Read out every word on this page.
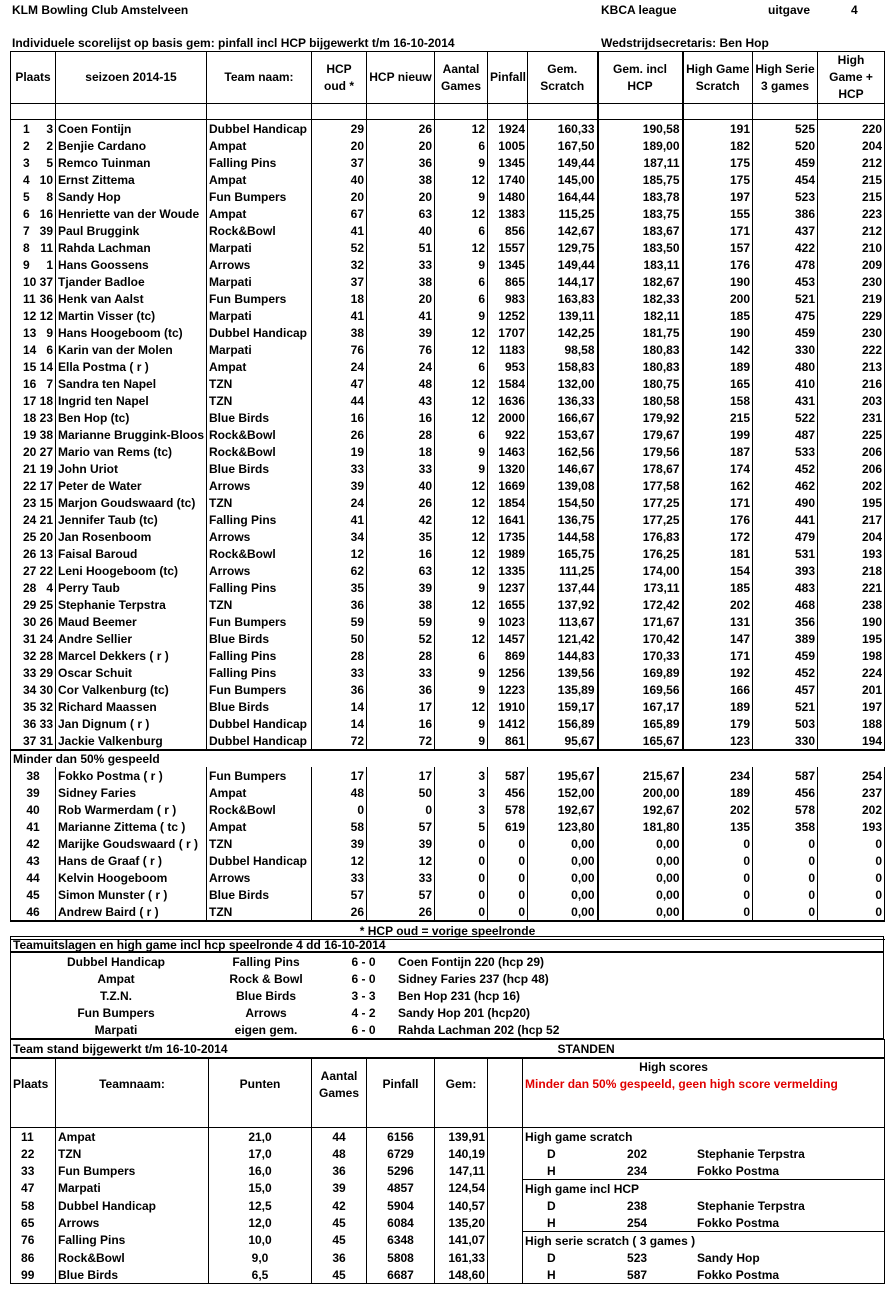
KLM Bowling Club Amstelveen	KBCA league	uitgave	4
Individuele scorelijst op basis gem: pinfall incl HCP bijgewerkt t/m 16-10-2014	Wedstrijdsecretaris: Ben Hop
Plaats	seizoen 2014-15	Team naam:	HCP oud *	HCP nieuw	Aantal Games	Pinfall	Gem. Scratch	Gem. incl HCP	High Game Scratch	High Serie 3 games	High Game + HCP

1 3	Coen Fontijn	Dubbel Handicap	29	26	12	1924	160,33	190,58	191	525	220

2 2	Benjie Cardano	Ampat	20	20	6	1005	167,50	189,00	182	520	204

3 5	Remco Tuinman	Falling Pins	37	36	9	1345	149,44	187,11	175	459	212

4 10	Ernst Zittema	Ampat	40	38	12	1740	145,00	185,75	175	454	215

5 8	Sandy Hop	Fun Bumpers	20	20	9	1480	164,44	183,78	197	523	215

6 16	Henriette van der Woude	Ampat	67	63	12	1383	115,25	183,75	155	386	223

7 39	Paul Bruggink	Rock&Bowl	41	40	6	856	142,67	183,67	171	437	212

8 11	Rahda Lachman	Marpati	52	51	12	1557	129,75	183,50	157	422	210

9 1	Hans Goossens	Arrows	32	33	9	1345	149,44	183,11	176	478	209

10 37	Tjander Badloe	Marpati	37	38	6	865	144,17	182,67	190	453	230

11 36	Henk van Aalst	Fun Bumpers	18	20	6	983	163,83	182,33	200	521	219

12 12	Martin Visser (tc)	Marpati	41	41	9	1252	139,11	182,11	185	475	229

13 9	Hans Hoogeboom (tc)	Dubbel Handicap	38	39	12	1707	142,25	181,75	190	459	230

14 6	Karin van der Molen	Marpati	76	76	12	1183	98,58	180,83	142	330	222

15 14	Ella Postma ( r )	Ampat	24	24	6	953	158,83	180,83	189	480	213

16 7	Sandra ten Napel	TZN	47	48	12	1584	132,00	180,75	165	410	216

17 18	Ingrid ten Napel	TZN	44	43	12	1636	136,33	180,58	158	431	203

18 23	Ben Hop (tc)	Blue Birds	16	16	12	2000	166,67	179,92	215	522	231

19 38	Marianne Bruggink-Bloos	Rock&Bowl	26	28	6	922	153,67	179,67	199	487	225

20 27	Mario van Rems (tc)	Rock&Bowl	19	18	9	1463	162,56	179,56	187	533	206

21 19	John Uriot	Blue Birds	33	33	9	1320	146,67	178,67	174	452	206

22 17	Peter de Water	Arrows	39	40	12	1669	139,08	177,58	162	462	202

23 15	Marjon Goudswaard (tc)	TZN	24	26	12	1854	154,50	177,25	171	490	195

24 21	Jennifer Taub (tc)	Falling Pins	41	42	12	1641	136,75	177,25	176	441	217

25 20	Jan Rosenboom	Arrows	34	35	12	1735	144,58	176,83	172	479	204

26 13	Faisal Baroud	Rock&Bowl	12	16	12	1989	165,75	176,25	181	531	193

27 22	Leni Hoogeboom (tc)	Arrows	62	63	12	1335	111,25	174,00	154	393	218

28 4	Perry Taub	Falling Pins	35	39	9	1237	137,44	173,11	185	483	221

29 25	Stephanie Terpstra	TZN	36	38	12	1655	137,92	172,42	202	468	238

30 26	Maud Beemer	Fun Bumpers	59	59	9	1023	113,67	171,67	131	356	190

31 24	Andre Sellier	Blue Birds	50	52	12	1457	121,42	170,42	147	389	195

32 28	Marcel Dekkers ( r )	Falling Pins	28	28	6	869	144,83	170,33	171	459	198

33 29	Oscar Schuit	Falling Pins	33	33	9	1256	139,56	169,89	192	452	224

34 30	Cor Valkenburg (tc)	Fun Bumpers	36	36	9	1223	135,89	169,56	166	457	201

35 32	Richard Maassen	Blue Birds	14	17	12	1910	159,17	167,17	189	521	197

36 33	Jan Dignum ( r )	Dubbel Handicap	14	16	9	1412	156,89	165,89	179	503	188

37 31	Jackie Valkenburg	Dubbel Handicap	72	72	9	861	95,67	165,67	123	330	194
Minder dan 50% gespeeld											
38	Fokko Postma ( r )	Fun Bumpers	17	17	3	587	195,67	215,67	234	587	254
39	Sidney Faries	Ampat	48	50	3	456	152,00	200,00	189	456	237
40	Rob Warmerdam ( r )	Rock&Bowl	0	0	3	578	192,67	192,67	202	578	202
41	Marianne Zittema ( tc )	Ampat	58	57	5	619	123,80	181,80	135	358	193
42	Marijke Goudswaard ( r )	TZN	39	39	0	0	0,00	0,00	0	0	0
43	Hans de Graaf ( r )	Dubbel Handicap	12	12	0	0	0,00	0,00	0	0	0
44	Kelvin Hoogeboom	Arrows	33	33	0	0	0,00	0,00	0	0	0
45	Simon Munster ( r )	Blue Birds	57	57	0	0	0,00	0,00	0	0	0
46	Andrew Baird ( r )	TZN	26	26	0	0	0,00	0,00	0	0	0
* HCP oud = vorige speelronde											
Teamuitslagen en high game incl hcp speelronde 4 dd 16-10-2014
Dubbel Handicap	Falling Pins	6 - 0	Coen Fontijn 220 (hcp 29)
Ampat	Rock & Bowl	6 - 0	Sidney Faries 237 (hcp 48)
T.Z.N.	Blue Birds	3 - 3	Ben Hop 231 (hcp 16)
Fun Bumpers	Arrows	4 - 2	Sandy Hop 201 (hcp20)
Marpati	eigen gem.	6 - 0	Rahda Lachman 202 (hcp 52
Team stand bijgewerkt t/m 16-10-2014						STANDEN	
Plaats	Teamnaam:	Punten	Aantal Games	Pinfall	Gem:		High scores
Minder dan 50% gespeeld, geen high score vermelding

11	Ampat	21,0	44	6156	139,91		High game scratch

22	TZN	17,0	48	6729	140,19		D 202 Stephanie Terpstra

33	Fun Bumpers	16,0	36	5296	147,11		H 234 Fokko Postma

47	Marpati	15,0	39	4857	124,54		High game incl HCP

58	Dubbel Handicap	12,5	42	5904	140,57		D 238 Stephanie Terpstra

65	Arrows	12,0	45	6084	135,20		H 254 Fokko Postma

76	Falling Pins	10,0	45	6348	141,07		High serie scratch ( 3 games )

86	Rock&Bowl	9,0	36	5808	161,33		D 523 Sandy Hop

99	Blue Birds	6,5	45	6687	148,60		H 587 Fokko Postma
